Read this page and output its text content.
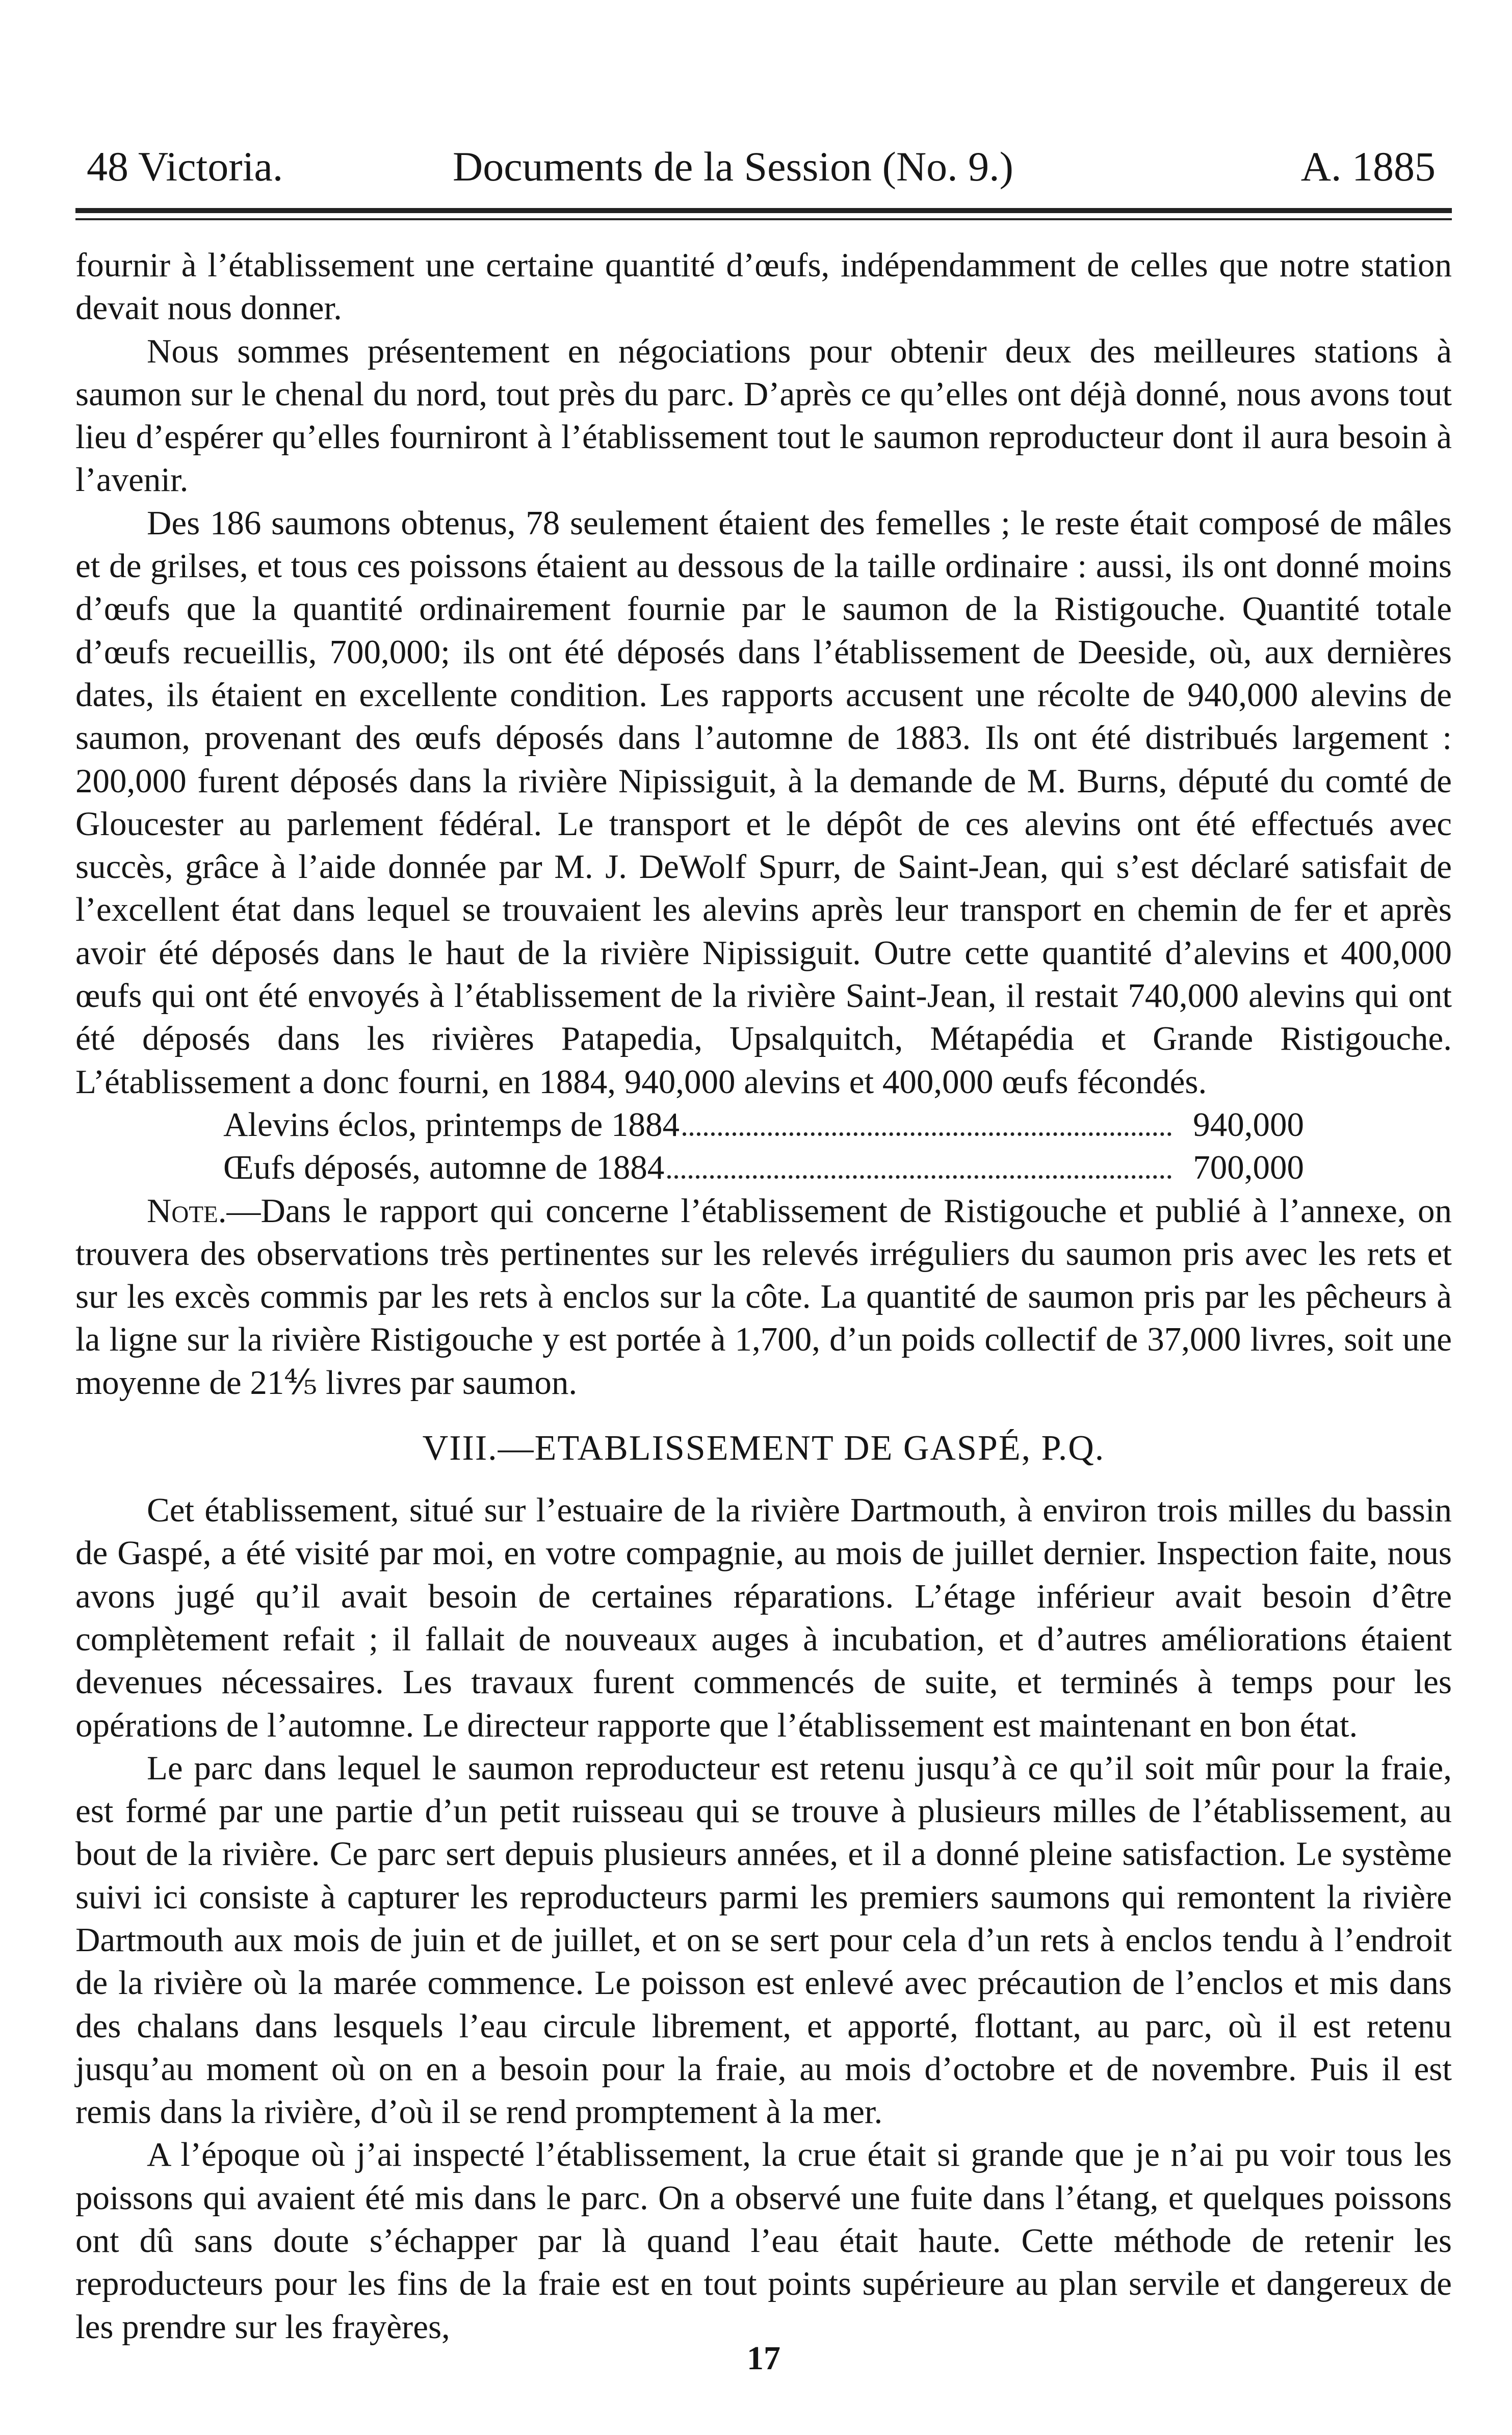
48 Victoria.	Documents de la Session (No. 9.)	A. 1885

fournir à l’établissement une certaine quantité d’œufs, indépendamment de celles que notre station devait nous donner.

Nous sommes présentement en négociations pour obtenir deux des meilleures stations à saumon sur le chenal du nord, tout près du parc. D’après ce qu’elles ont déjà donné, nous avons tout lieu d’espérer qu’elles fourniront à l’établissement tout le saumon reproducteur dont il aura besoin à l’avenir.

Des 186 saumons obtenus, 78 seulement étaient des femelles ; le reste était composé de mâles et de grilses, et tous ces poissons étaient au dessous de la taille ordinaire : aussi, ils ont donné moins d’œufs que la quantité ordinairement fournie par le saumon de la Ristigouche. Quantité totale d’œufs recueillis, 700,000; ils ont été déposés dans l’établissement de Deeside, où, aux dernières dates, ils étaient en excellente condition. Les rapports accusent une récolte de 940,000 alevins de saumon, provenant des œufs déposés dans l’automne de 1883. Ils ont été distribués largement : 200,000 furent déposés dans la rivière Nipissiguit, à la demande de M. Burns, député du comté de Gloucester au parlement fédéral. Le transport et le dépôt de ces alevins ont été effectués avec succès, grâce à l’aide donnée par M. J. DeWolf Spurr, de Saint-Jean, qui s’est déclaré satisfait de l’excellent état dans lequel se trouvaient les alevins après leur transport en chemin de fer et après avoir été déposés dans le haut de la rivière Nipissiguit. Outre cette quantité d’alevins et 400,000 œufs qui ont été envoyés à l’établissement de la rivière Saint-Jean, il restait 740,000 alevins qui ont été déposés dans les rivières Patapedia, Upsalquitch, Métapédia et Grande Ristigouche. L’établissement a donc fourni, en 1884, 940,000 alevins et 400,000 œufs fécondés.

Alevins éclos, printemps de 1884	940,000
Œufs déposés, automne de 1884	700,000

Note.—Dans le rapport qui concerne l’établissement de Ristigouche et publié à l’annexe, on trouvera des observations très pertinentes sur les relevés irréguliers du saumon pris avec les rets et sur les excès commis par les rets à enclos sur la côte. La quantité de saumon pris par les pêcheurs à la ligne sur la rivière Ristigouche y est portée à 1,700, d’un poids collectif de 37,000 livres, soit une moyenne de 21⅘ livres par saumon.

VIII.—ETABLISSEMENT DE GASPÉ, P.Q.

Cet établissement, situé sur l’estuaire de la rivière Dartmouth, à environ trois milles du bassin de Gaspé, a été visité par moi, en votre compagnie, au mois de juillet dernier. Inspection faite, nous avons jugé qu’il avait besoin de certaines réparations. L’étage inférieur avait besoin d’être complètement refait ; il fallait de nouveaux auges à incubation, et d’autres améliorations étaient devenues nécessaires. Les travaux furent commencés de suite, et terminés à temps pour les opérations de l’automne. Le directeur rapporte que l’établissement est maintenant en bon état.

Le parc dans lequel le saumon reproducteur est retenu jusqu’à ce qu’il soit mûr pour la fraie, est formé par une partie d’un petit ruisseau qui se trouve à plusieurs milles de l’établissement, au bout de la rivière. Ce parc sert depuis plusieurs années, et il a donné pleine satisfaction. Le système suivi ici consiste à capturer les reproducteurs parmi les premiers saumons qui remontent la rivière Dartmouth aux mois de juin et de juillet, et on se sert pour cela d’un rets à enclos tendu à l’endroit de la rivière où la marée commence. Le poisson est enlevé avec précaution de l’enclos et mis dans des chalans dans lesquels l’eau circule librement, et apporté, flottant, au parc, où il est retenu jusqu’au moment où on en a besoin pour la fraie, au mois d’octobre et de novembre. Puis il est remis dans la rivière, d’où il se rend promptement à la mer.

A l’époque où j’ai inspecté l’établissement, la crue était si grande que je n’ai pu voir tous les poissons qui avaient été mis dans le parc. On a observé une fuite dans l’étang, et quelques poissons ont dû sans doute s’échapper par là quand l’eau était haute. Cette méthode de retenir les reproducteurs pour les fins de la fraie est en tout points supérieure au plan servile et dangereux de les prendre sur les frayères,

17
